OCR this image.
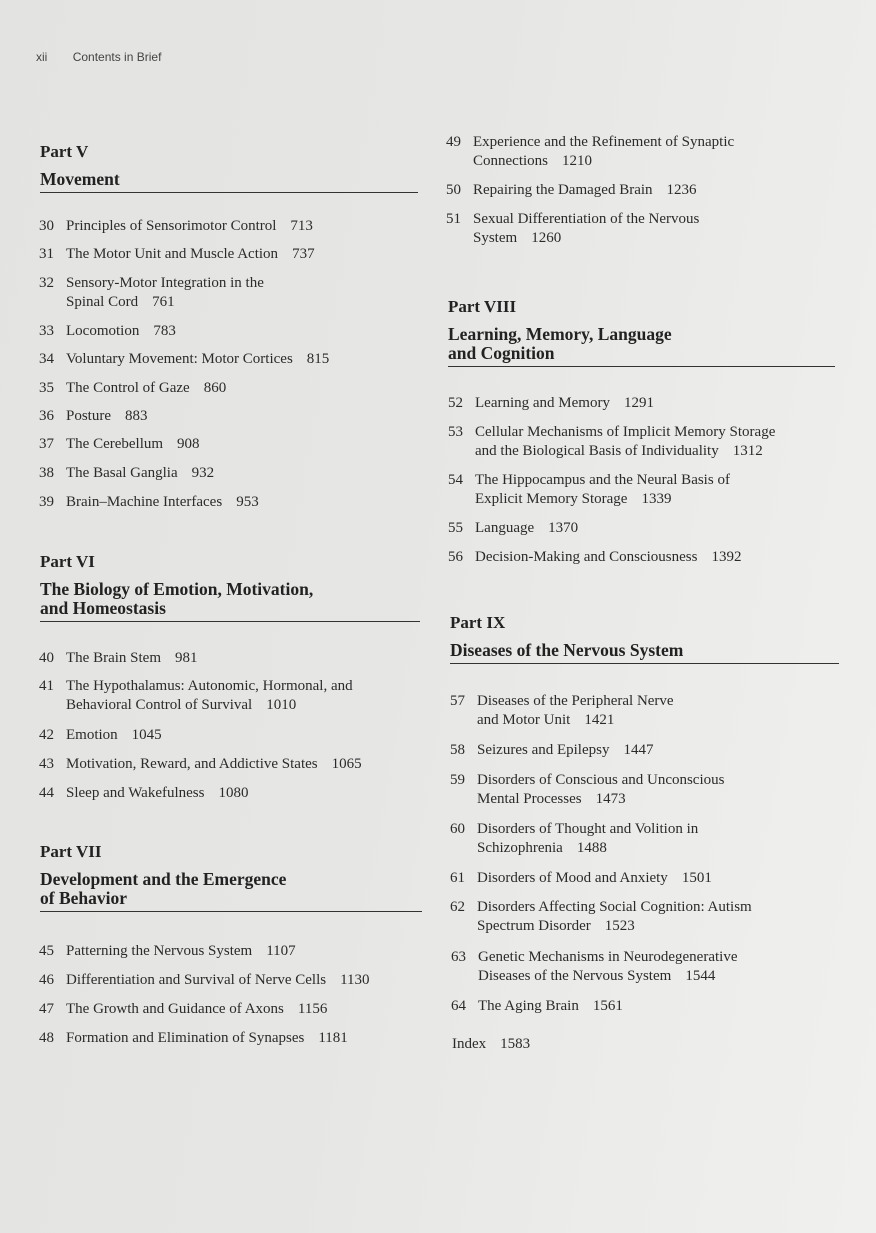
xii Contents in Brief
Part V
Movement
Part VI
The Biology of Emotion, Motivation,
and Homeostasis
Part VII
Development and the Emergence
of Behavior
Part VIII
Learning, Memory, Language
and Cognition
Part IX
Diseases of the Nervous System
30 Principles of Sensorimotor Control 713
31 The Motor Unit and Muscle Action 737
32 Sensory-Motor Integration in the
Spinal Cord 761
33 Locomotion 783
34 Voluntary Movement: Motor Cortices 815
35 The Control of Gaze 860
36 Posture 883
37 The Cerebellum 908
38 The Basal Ganglia 932
39 Brain–Machine Interfaces 953
40 The Brain Stem 981
41 The Hypothalamus: Autonomic, Hormonal, and
Behavioral Control of Survival 1010
42 Emotion 1045
43 Motivation, Reward, and Addictive States 1065
44 Sleep and Wakefulness 1080
45 Patterning the Nervous System 1107
46 Differentiation and Survival of Nerve Cells 1130
47 The Growth and Guidance of Axons 1156
48 Formation and Elimination of Synapses 1181
49 Experience and the Refinement of Synaptic
Connections 1210
50 Repairing the Damaged Brain 1236
51 Sexual Differentiation of the Nervous
System 1260
52 Learning and Memory 1291
53 Cellular Mechanisms of Implicit Memory Storage
and the Biological Basis of Individuality 1312
54 The Hippocampus and the Neural Basis of
Explicit Memory Storage 1339
55 Language 1370
56 Decision-Making and Consciousness 1392
57 Diseases of the Peripheral Nerve
and Motor Unit 1421
58 Seizures and Epilepsy 1447
59 Disorders of Conscious and Unconscious
Mental Processes 1473
60 Disorders of Thought and Volition in
Schizophrenia 1488
61 Disorders of Mood and Anxiety 1501
62 Disorders Affecting Social Cognition: Autism
Spectrum Disorder 1523
63 Genetic Mechanisms in Neurodegenerative
Diseases of the Nervous System 1544
64 The Aging Brain 1561
Index 1583
